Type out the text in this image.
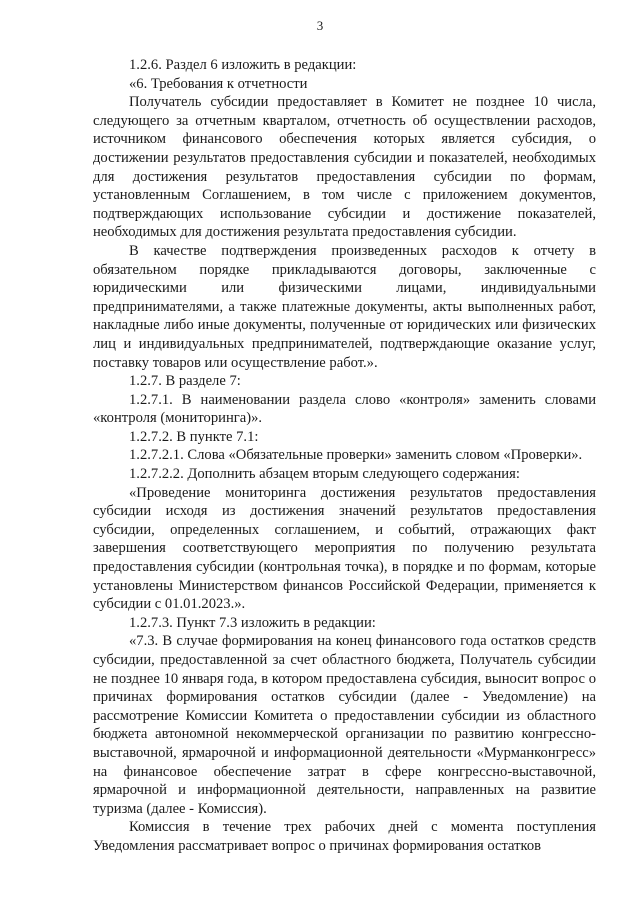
3

1.2.6. Раздел 6 изложить в редакции:

«6. Требования к отчетности

Получатель субсидии предоставляет в Комитет не позднее 10 числа, следующего за отчетным кварталом, отчетность об осуществлении расходов, источником финансового обеспечения которых является субсидия, о достижении результатов предоставления субсидии и показателей, необходимых для достижения результатов предоставления субсидии по формам, установленным Соглашением, в том числе с приложением документов, подтверждающих использование субсидии и достижение показателей, необходимых для достижения результата предоставления субсидии.

В качестве подтверждения произведенных расходов к отчету в обязательном порядке прикладываются договоры, заключенные с юридическими или физическими лицами, индивидуальными предпринимателями, а также платежные документы, акты выполненных работ, накладные либо иные документы, полученные от юридических или физических лиц и индивидуальных предпринимателей, подтверждающие оказание услуг, поставку товаров или осуществление работ.».

1.2.7. В разделе 7:

1.2.7.1. В наименовании раздела слово «контроля» заменить словами «контроля (мониторинга)».

1.2.7.2. В пункте 7.1:

1.2.7.2.1. Слова «Обязательные проверки» заменить словом «Проверки».

1.2.7.2.2. Дополнить абзацем вторым следующего содержания:

«Проведение мониторинга достижения результатов предоставления субсидии исходя из достижения значений результатов предоставления субсидии, определенных соглашением, и событий, отражающих факт завершения соответствующего мероприятия по получению результата предоставления субсидии (контрольная точка), в порядке и по формам, которые установлены Министерством финансов Российской Федерации, применяется к субсидии с 01.01.2023.».

1.2.7.3. Пункт 7.3 изложить в редакции:

«7.3. В случае формирования на конец финансового года остатков средств субсидии, предоставленной за счет областного бюджета, Получатель субсидии не позднее 10 января года, в котором предоставлена субсидия, выносит вопрос о причинах формирования остатков субсидии (далее - Уведомление) на рассмотрение Комиссии Комитета о предоставлении субсидии из областного бюджета автономной некоммерческой организации по развитию конгрессно-выставочной, ярмарочной и информационной деятельности «Мурманконгресс» на финансовое обеспечение затрат в сфере конгрессно-выставочной, ярмарочной и информационной деятельности, направленных на развитие туризма (далее - Комиссия).

Комиссия в течение трех рабочих дней с момента поступления Уведомления рассматривает вопрос о причинах формирования остатков
